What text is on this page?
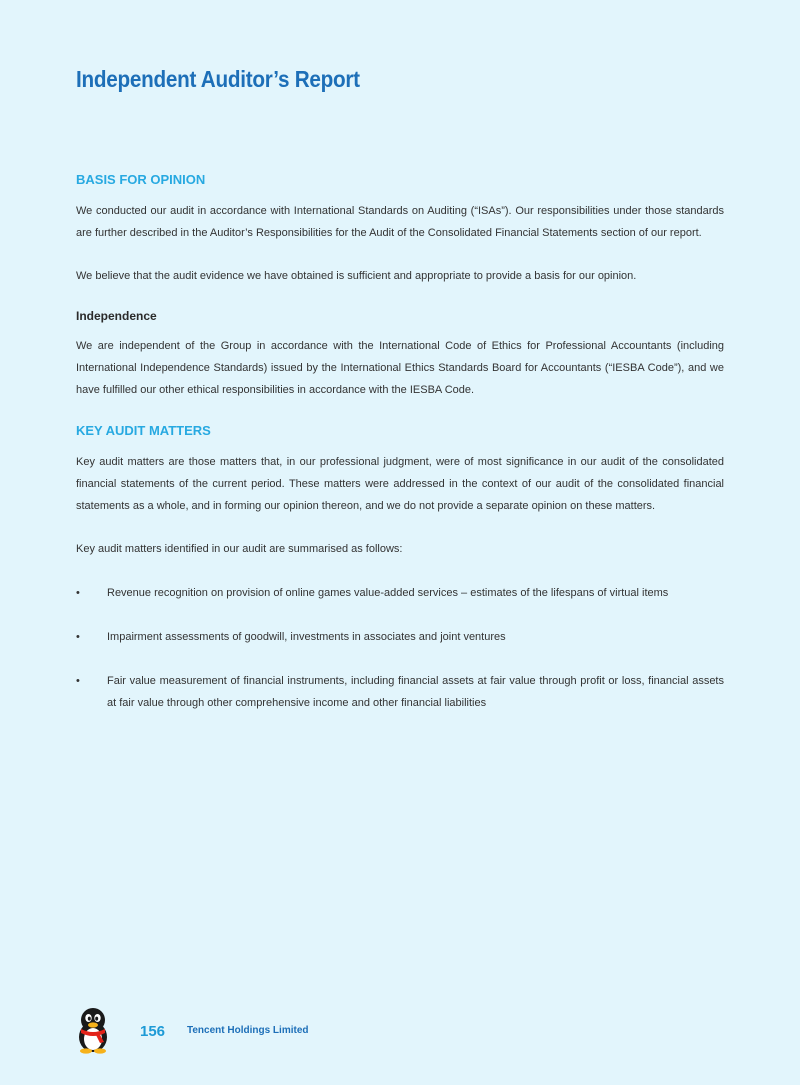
Independent Auditor’s Report
BASIS FOR OPINION

We conducted our audit in accordance with International Standards on Auditing (“ISAs”). Our responsibilities under those standards are further described in the Auditor’s Responsibilities for the Audit of the Consolidated Financial Statements section of our report.

We believe that the audit evidence we have obtained is sufficient and appropriate to provide a basis for our opinion.

Independence

We are independent of the Group in accordance with the International Code of Ethics for Professional Accountants (including International Independence Standards) issued by the International Ethics Standards Board for Accountants (“IESBA Code”), and we have fulfilled our other ethical responsibilities in accordance with the IESBA Code.

KEY AUDIT MATTERS

Key audit matters are those matters that, in our professional judgment, were of most significance in our audit of the consolidated financial statements of the current period. These matters were addressed in the context of our audit of the consolidated financial statements as a whole, and in forming our opinion thereon, and we do not provide a separate opinion on these matters.

Key audit matters identified in our audit are summarised as follows:

•	Revenue recognition on provision of online games value-added services – estimates of the lifespans of virtual items
•	Impairment assessments of goodwill, investments in associates and joint ventures
•	Fair value measurement of financial instruments, including financial assets at fair value through profit or loss, financial assets at fair value through other comprehensive income and other financial liabilities
156 Tencent Holdings Limited
